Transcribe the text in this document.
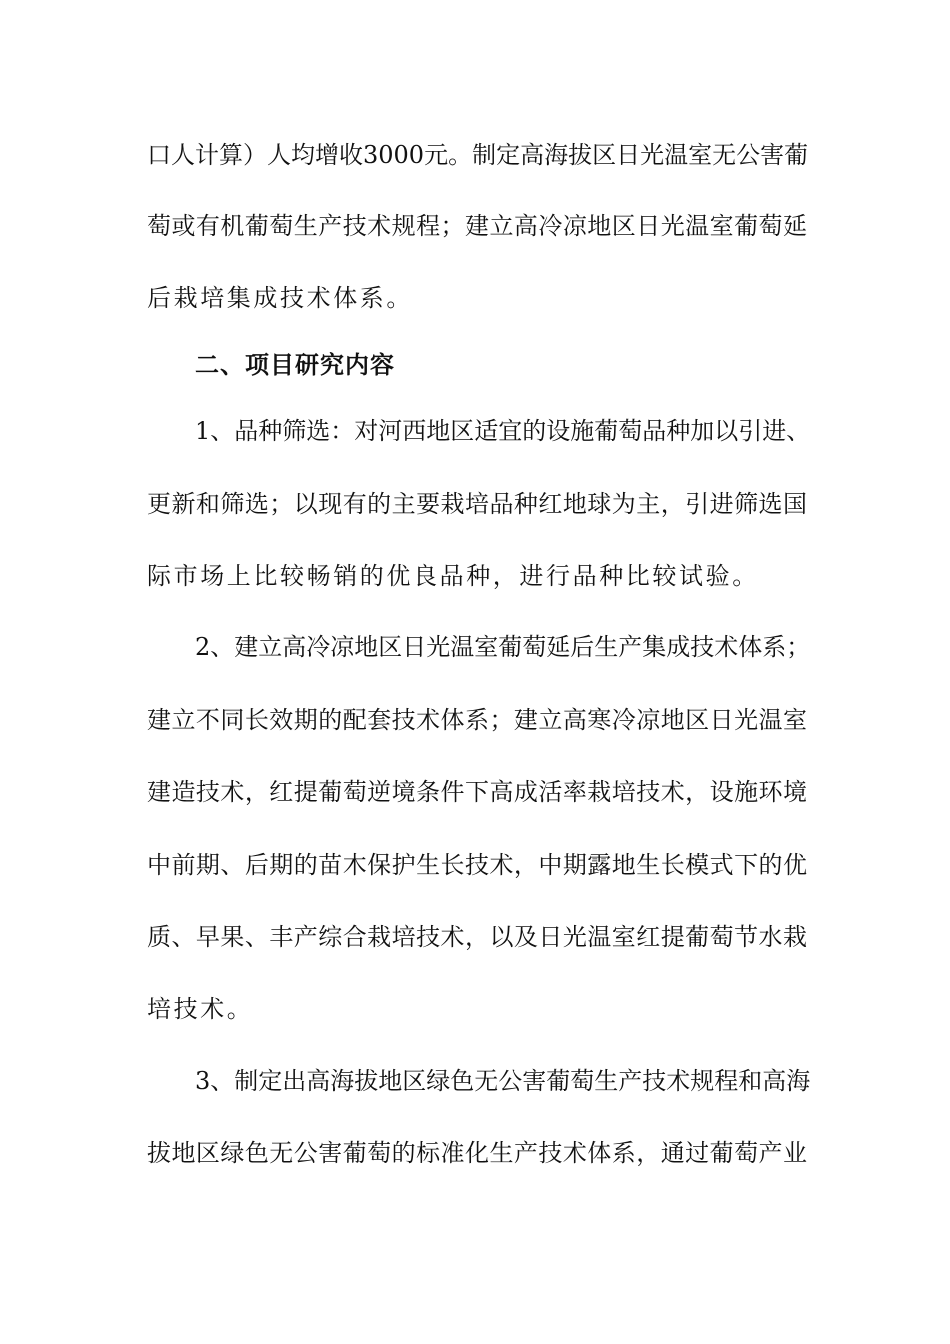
口人计算）人均增收3000元。制定高海拔区日光温室无公害葡
萄或有机葡萄生产技术规程；建立高冷凉地区日光温室葡萄延
后栽培集成技术体系。
二、项目研究内容
1、品种筛选：对河西地区适宜的设施葡萄品种加以引进、
更新和筛选；以现有的主要栽培品种红地球为主，引进筛选国
际市场上比较畅销的优良品种，进行品种比较试验。
2、建立高冷凉地区日光温室葡萄延后生产集成技术体系；
建立不同长效期的配套技术体系；建立高寒冷凉地区日光温室
建造技术，红提葡萄逆境条件下高成活率栽培技术，设施环境
中前期、后期的苗木保护生长技术，中期露地生长模式下的优
质、早果、丰产综合栽培技术，以及日光温室红提葡萄节水栽
培技术。
3、制定出高海拔地区绿色无公害葡萄生产技术规程和高海
拔地区绿色无公害葡萄的标准化生产技术体系，通过葡萄产业
